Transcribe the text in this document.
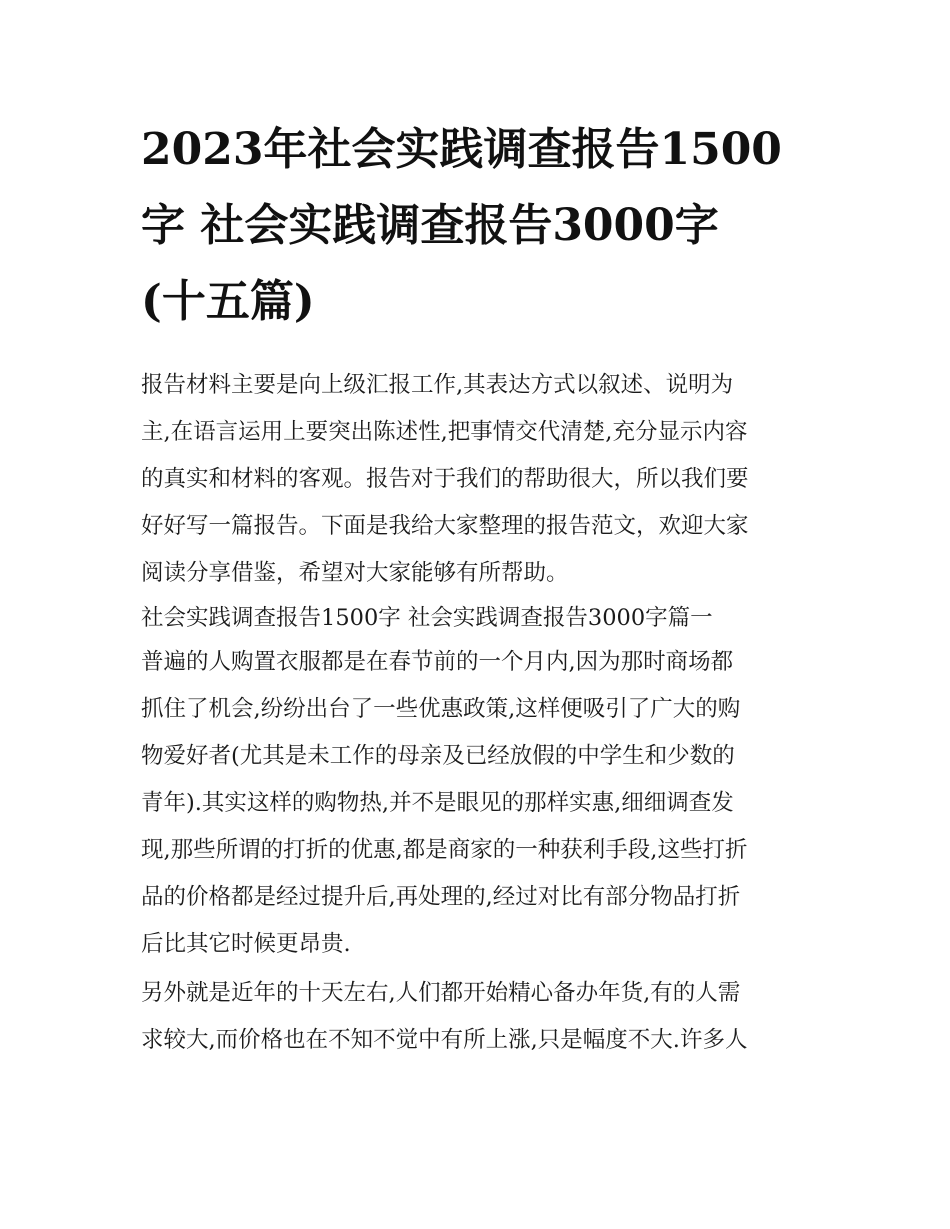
2023年社会实践调查报告1500
字 社会实践调查报告3000字
(十五篇)

报告材料主要是向上级汇报工作,其表达方式以叙述、说明为
主,在语言运用上要突出陈述性,把事情交代清楚,充分显示内容
的真实和材料的客观。报告对于我们的帮助很大，所以我们要
好好写一篇报告。下面是我给大家整理的报告范文，欢迎大家
阅读分享借鉴，希望对大家能够有所帮助。

社会实践调查报告1500字 社会实践调查报告3000字篇一

普遍的人购置衣服都是在春节前的一个月内,因为那时商场都
抓住了机会,纷纷出台了一些优惠政策,这样便吸引了广大的购
物爱好者(尤其是未工作的母亲及已经放假的中学生和少数的
青年).其实这样的购物热,并不是眼见的那样实惠,细细调查发
现,那些所谓的打折的优惠,都是商家的一种获利手段,这些打折
品的价格都是经过提升后,再处理的,经过对比有部分物品打折
后比其它时候更昂贵.

另外就是近年的十天左右,人们都开始精心备办年货,有的人需
求较大,而价格也在不知不觉中有所上涨,只是幅度不大.许多人
